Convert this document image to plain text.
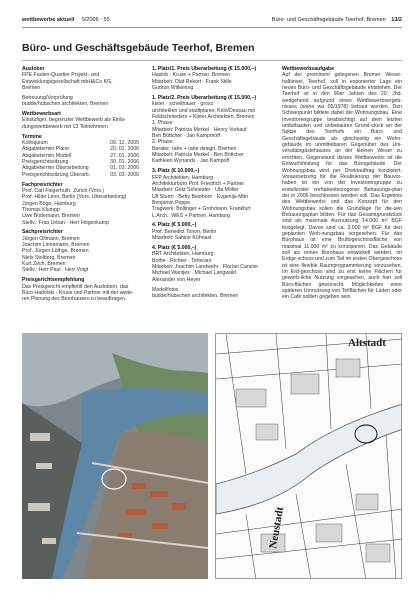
wettbewerbe aktuell 5/2006 · 55	Büro- und Geschäftsgebäude Teerhof, Bremen 13/2
Büro- und Geschäftsgebäude Teerhof, Bremen
Auslober
FPE Faulen-Quartier Projekt- und
Entwicklungsgesellschaft mbH&Co KG,
Bremen
Betreuung/Vorprüfung
budde/hübschen architekten, Bremen
Wettbewerbsart
Einstufiger, begrenzter Wettbewerb als Einla-
dungswettbewerb mit 13 Teilnehmern
Termine
Kolloquium	09. 12. 2005
Abgabetermin Pläne	20. 01. 2006
Abgabetermin Modell	27. 01. 2006
Preisgerichtssitzung	30. 01. 2006
Abgabetermin Überarbeitung	01. 03. 2006
Preisgerichtssitzung Überarb.	03. 03. 2006
Fachpreisrichter
Prof. Carl Fingerhuth, Zürich (Vors.)
Prof. Hilde Léon, Berlin (Vors. Überarbeitung)
Jürgen Böge, Hamburg
Thomas Klumpp
Uwe Bodemann, Bremen
Stellv.: Frau Urban · Herr Hogenkamp
Sachpreisrichter
Jürgen Ollmann, Bremen
Joachim Linnemann, Bremen
Prof. Jürgen Lüthge, Bremen
Niels Stolberg, Bremen
Kurt Zech, Bremen
Stellv.: Herr Paul · Herr Voigt
Preisgerichtsempfehlung
Das Preisgericht empfiehlt den Auslobern, das
Büro Hadolski · Kruse und Partner mit der weite-
ren Planung des Bürohauses zu beauftragen.
1. Platz/1. Preis Überarbeitung (€ 15.000,–)
Haslob · Kruse + Partner, Bremen
Mitarbeit: Olaf Rekort · Frank Stille
Gudrun Wilkening
1. Platz/2. Preis Überarbeitung (€ 15.000,–)
kister · scheithauer · gross
architekten und stadtplaner, Köln/Dessau mit
Feldschnieders + Kister Architekten, Bremen
1. Phase:
Mitarbeit: Patricia Merkel · Henry Vorkauf
Ben Böttcher · Jan Kampmoff
2. Phase:
Berater: rahe + rahe design, Bremen
Mitarbeit: Patricia Merkel · Ben Böttcher
Kathleen Wynands · Jan Kampoff
3. Platz (€ 10.000,–)
FFP Architekten, Hamburg
Architekturbüro Prof. Friedrich + Partner
Mitarbeit: Götz Schneider · Uta Möller
Ulf Sturm · Betty Besthorn · Evgenija Mitri
Benjamin Poppe
Tragwerk: Bollinger + Grohmann, Frankfurt
L.Arch.: WES + Partner, Hamburg
4. Platz (€ 5.000,–)
Prof. Benedict Tonon, Berlin
Mitarbeit: Sabine Kühnast
4. Platz (€ 5.000,–)
BRT Architekten, Hamburg
Bothe · Richter · Teherani
Mitarbeit: Joachim Landwehr · Florian Cancler
Michael Wantjes · Michael Langwald
Alexander von Heyer
Modellfotos
budde/hübschen architekten, Bremen
Wettbewerbsaufgabe
Auf der prominent gelegenen Bremer Weser-halbinsel, Teerhof, soll in exponierter Lage ein neues Büro- und Geschäftsgebäude entstehen. Der Teerhof ist in den 90er Jahren des 20. Jhd. weitgehend aufgrund eines Wettbewerbsergeb-nisses (siehe wa 05/1978) bebaut worden. Den Schwerpunkt bildete dabei der Wohnungsbau. Eine Investorengruppe beabsichtigt auf dem letzten umbebauten und unbebauten Grund-stück an der Spitze des Teerhofs ein Büro- und Geschäftsgebäude als gleichzeitig ein Wohn-gebäude im unmittelbaren Gegenüber des Uni-versitätsgästehauses an der kleinen Weser zu errichten. Gegenstand dieses Wettbewerbs ist die Entwurfsfindung für das Bürogebäude. Der Wohnungsbau wird per Direktauftrag konzipiert. Voraussetzung für die Realisierung der Bauvor-haben ist ein von der Investorengruppe zu erstellender vorhabenbezogener Bebauungs-plan der in 2006 beschlossen werden soll. Das Ergebnis des Wettbewerbs und das Konzept für den Wohnungsbau sollen die Grundlage für die-sen Bebauungsplan bilden. Für das Gesamtgrundstück sind als maximale Ausnutzung 14.000 m² BGF festgelegt. Davon sind ca. 3.000 m² BGF für den geplanten Woh-nungsbau vorgesehen. Für das Bürohaus ist eine Bruttogeschossfläche von maximal 11.000 m² zu konzipieren. Das Gebäude soll als reines Bürohaus entwickelt werden. Im Erdge-schoss und zum Teil im ersten Obergeschoss ist eine flexible Raumprogrammierung vorzusehen. Im Erd-geschoss sind zu erst keine Flächen für gewerb-liche Nutzung vorgesehen, auch hier soll Büro-flächen gewünscht. Möglichkeiten einer späteren Umnutzung von Teilflächen für Läden oder ein Café sollten gegeben sein.
Altstadt
Neustadt
